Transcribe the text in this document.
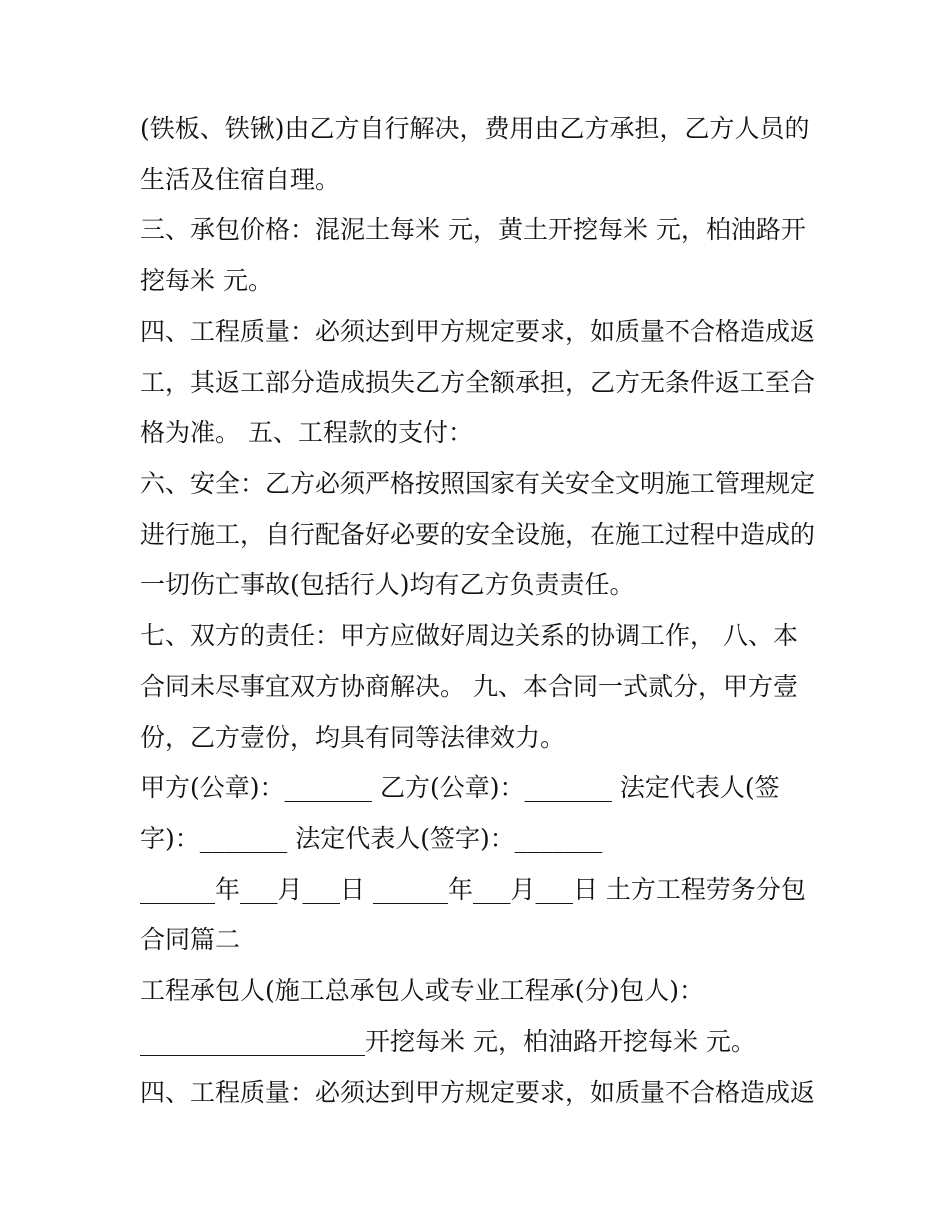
(铁板、铁锹)由乙方自行解决，费用由乙方承担，乙方人员的
生活及住宿自理。
三、承包价格：混泥土每米 元，黄土开挖每米 元，柏油路开
挖每米 元。
四、工程质量：必须达到甲方规定要求，如质量不合格造成返
工，其返工部分造成损失乙方全额承担，乙方无条件返工至合
格为准。 五、工程款的支付：
六、安全：乙方必须严格按照国家有关安全文明施工管理规定
进行施工，自行配备好必要的安全设施，在施工过程中造成的
一切伤亡事故(包括行人)均有乙方负责责任。
七、双方的责任：甲方应做好周边关系的协调工作， 八、本
合同未尽事宜双方协商解决。 九、本合同一式贰分，甲方壹
份，乙方壹份，均具有同等法律效力。
甲方(公章)：_______ 乙方(公章)：_______ 法定代表人(签
字)：_______ 法定代表人(签字)：_______
______年___月___日 ______年___月___日 土方工程劳务分包
合同篇二
工程承包人(施工总承包人或专业工程承(分)包人)：
__________________开挖每米 元，柏油路开挖每米 元。
四、工程质量：必须达到甲方规定要求，如质量不合格造成返
